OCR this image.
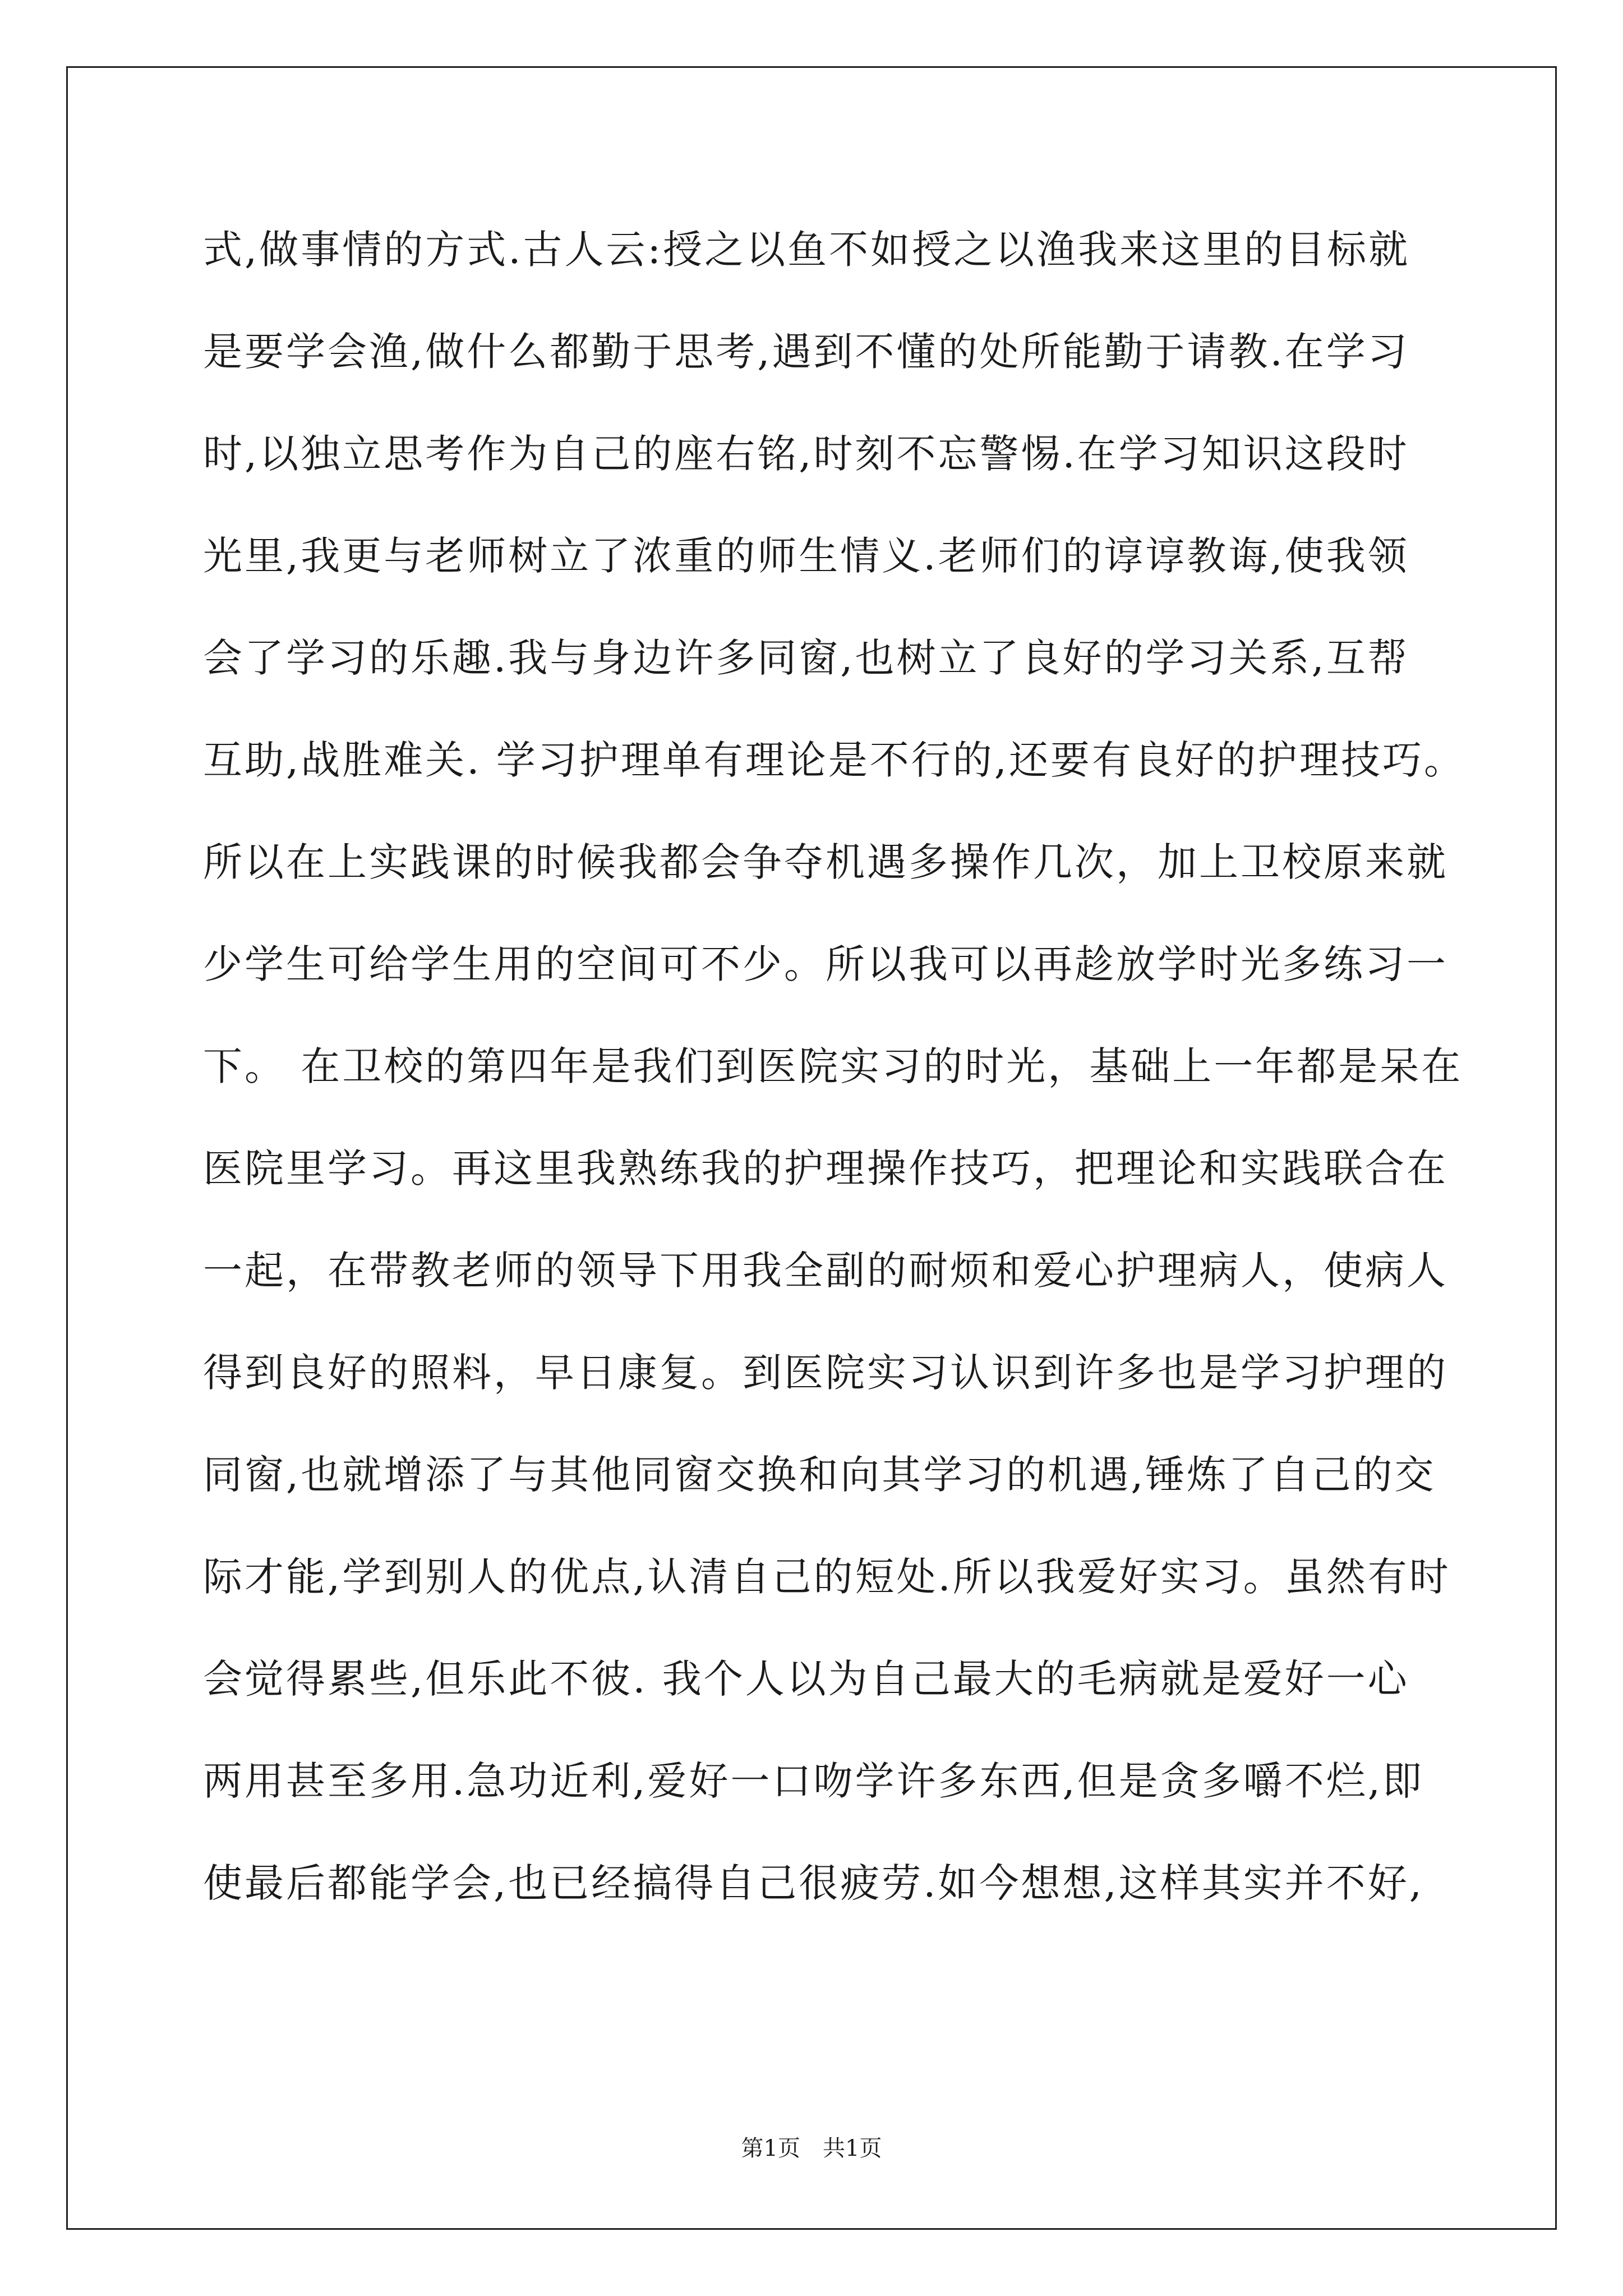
式,做事情的方式.古人云:授之以鱼不如授之以渔我来这里的目标就
是要学会渔,做什么都勤于思考,遇到不懂的处所能勤于请教.在学习
时,以独立思考作为自己的座右铭,时刻不忘警惕.在学习知识这段时
光里,我更与老师树立了浓重的师生情义.老师们的谆谆教诲,使我领
会了学习的乐趣.我与身边许多同窗,也树立了良好的学习关系,互帮
互助,战胜难关. 学习护理单有理论是不行的,还要有良好的护理技巧。
所以在上实践课的时候我都会争夺机遇多操作几次，加上卫校原来就
少学生可给学生用的空间可不少。所以我可以再趁放学时光多练习一
下。 在卫校的第四年是我们到医院实习的时光，基础上一年都是呆在
医院里学习。再这里我熟练我的护理操作技巧，把理论和实践联合在
一起，在带教老师的领导下用我全副的耐烦和爱心护理病人，使病人
得到良好的照料，早日康复。到医院实习认识到许多也是学习护理的
同窗,也就增添了与其他同窗交换和向其学习的机遇,锤炼了自己的交
际才能,学到别人的优点,认清自己的短处.所以我爱好实习。虽然有时
会觉得累些,但乐此不彼. 我个人以为自己最大的毛病就是爱好一心
两用甚至多用.急功近利,爱好一口吻学许多东西,但是贪多嚼不烂,即
使最后都能学会,也已经搞得自己很疲劳.如今想想,这样其实并不好,
第1页　共1页
